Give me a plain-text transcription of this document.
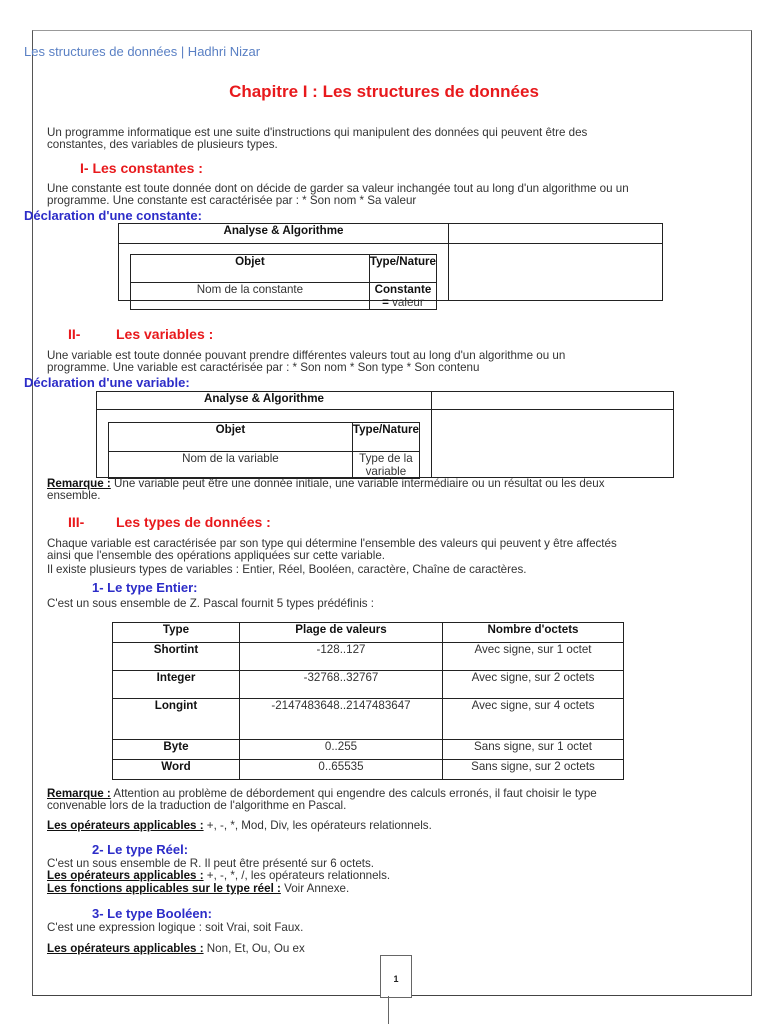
Les structures de données | Hadhri Nizar
Chapitre I : Les structures de données
Un programme informatique est une suite d'instructions qui manipulent des données qui peuvent être des
constantes, des variables de plusieurs types.
I- Les constantes :
Une constante est toute donnée dont on décide de garder sa valeur inchangée tout au long d'un algorithme ou un
programme. Une constante est caractérisée par : * Son nom * Sa valeur
Déclaration d'une constante:
Analyse & Algorithme	

Objet	Type/Nature
Nom de la constante	Constante = valeur
II-	Les variables :
Une variable est toute donnée pouvant prendre différentes valeurs tout au long d'un algorithme ou un
programme. Une variable est caractérisée par : * Son nom * Son type * Son contenu
Déclaration d'une variable:
Analyse & Algorithme	

Objet	Type/Nature
Nom de la variable	Type de la variable
Remarque : Une variable peut être une donnée initiale, une variable intermédiaire ou un résultat ou les deux
ensemble.
III- Les types de données :
Chaque variable est caractérisée par son type qui détermine l'ensemble des valeurs qui peuvent y être affectés
ainsi que l'ensemble des opérations appliquées sur cette variable.
Il existe plusieurs types de variables : Entier, Réel, Booléen, caractère, Chaîne de caractères.
1- Le type Entier:
C'est un sous ensemble de Z. Pascal fournit 5 types prédéfinis :
Type	Plage de valeurs	Nombre d'octets
Shortint	-128..127	Avec signe, sur 1 octet
Integer	-32768..32767	Avec signe, sur 2 octets
Longint	-2147483648..2147483647	Avec signe, sur 4 octets
Byte	0..255	Sans signe, sur 1 octet
Word	0..65535	Sans signe, sur 2 octets
Remarque : Attention au problème de débordement qui engendre des calculs erronés, il faut choisir le type
convenable lors de la traduction de l'algorithme en Pascal.
Les opérateurs applicables : +, -, *, Mod, Div, les opérateurs relationnels.
2- Le type Réel:
C'est un sous ensemble de R. Il peut être présenté sur 6 octets.
Les opérateurs applicables : +, -, *, /, les opérateurs relationnels.
Les fonctions applicables sur le type réel : Voir Annexe.
3- Le type Booléen:
C'est une expression logique : soit Vrai, soit Faux.
Les opérateurs applicables : Non, Et, Ou, Ou ex
1
